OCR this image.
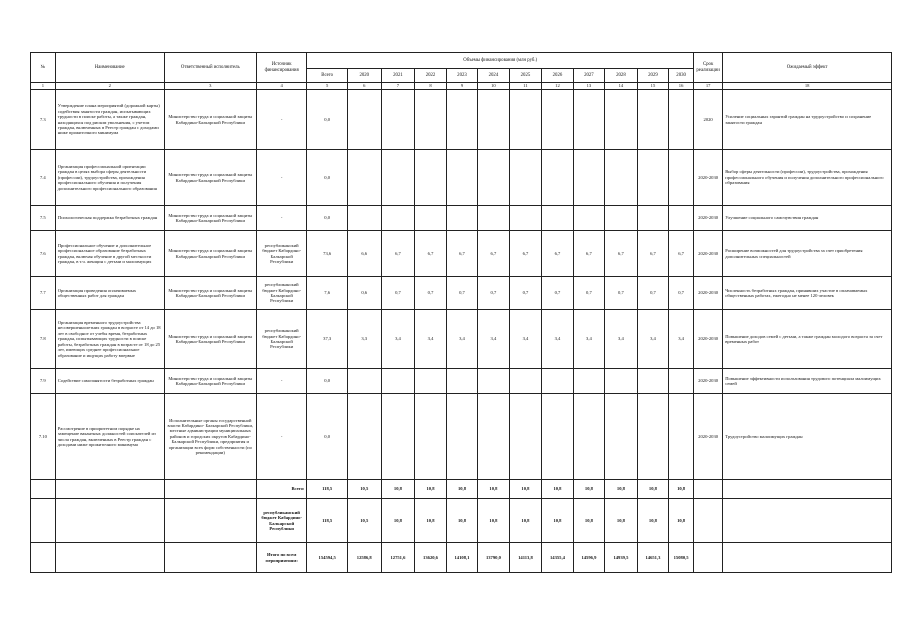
№	Наименование	Ответственный исполнитель	Источник финансирования	Объемы финансирования (млн руб.)												Срок реализации	Ожидаемый эффект
				Всего	2020	2021	2022	2023	2024	2025	2026	2027	2028	2029	2030		
1	2	3	4	5	6	7	8	9	10	11	12	13	14	15	16	17	18
7.3	Утверждение плана мероприятий (дорожной карты) содействия занятости граждан, испытывающих трудности в поиске работы, а также граждан, находящихся под риском увольнения, с учетом граждан, включенных в Реестр граждан с доходами ниже прожиточного минимума	Министерство труда и социальной защиты Кабардино-Балкарской Республики	-	0,0												2020	Усиление социальных гарантий граждан на трудоустройство и сохранение занятости граждан
7.4	Организация профессиональной ориентации граждан в целях выбора сферы деятельности (профессии), трудоустройства, прохождения профессионального обучения и получения дополнительного профессионального образования	Министерство труда и социальной защиты Кабардино-Балкарской Республики	-	0,0												2020-2030	Выбор сферы деятельности (профессии), трудоустройства, прохождения профессионального обучения и получения дополнительного профессионального образования
7.5	Психологическая поддержка безработных граждан	Министерство труда и социальной защиты Кабардино-Балкарской Республики	-	0,0												2020-2030	Улучшение социального самочувствия граждан
7.6	Профессиональное обучение и дополнительное профессиональное образование безработных граждан, включая обучение в другой местности граждан, в т.ч. женщин с детьми и малоимущих	Министерство труда и социальной защиты Кабардино-Балкарской Республики	республиканский бюджет Кабардино-Балкарской Республики	73,6	6,6	6,7	6,7	6,7	6,7	6,7	6,7	6,7	6,7	6,7	6,7	2020-2030	Расширение возможностей для трудоустройства за счет приобретения дополнительных специальностей
7.7	Организация проведения оплачиваемых общественных работ для граждан	Министерство труда и социальной защиты Кабардино-Балкарской Республики	республиканский бюджет Кабардино-Балкарской Республики	7,6	0,6	0,7	0,7	0,7	0,7	0,7	0,7	0,7	0,7	0,7	0,7	2020-2030	Численность безработных граждан, принявших участие в оплачиваемых общественных работах, ежегодно не менее 120 человек
7.8	Организация временного трудоустройства несовершеннолетних граждан в возрасте от 14 до 18 лет в свободное от учебы время, безработных граждан, испытывающих трудности в поиске работы, безработных граждан в возрасте от 18 до 25 лет, имеющих среднее профессиональное образование и ищущих работу впервые	Министерство труда и социальной защиты Кабардино-Балкарской Республики	республиканский бюджет Кабардино-Балкарской Республики	37,3	3,3	3,4	3,4	3,4	3,4	3,4	3,4	3,4	3,4	3,4	3,4	2020-2030	Повышение доходов семей с детьми, а также граждан молодого возраста за счет временных работ
7.9	Содействие самозанятости безработных граждан	Министерство труда и социальной защиты Кабардино-Балкарской Республики	-	0,0												2020-2030	Повышение эффективности использования трудового потенциала малоимущих семей
7.10	Рассмотрение в приоритетном порядке на замещение вакантных должностей соискателей из числа граждан, включенных в Реестр граждан с доходами ниже прожиточного минимума	Исполнительные органы государственной власти Кабардино- Балкарской Республики, местные администрации муниципальных районов и городских округов Кабардино- Балкарской Республики, предприятия и организации всех форм собственности (по рекомендации)	-	0,0												2020-2030	Трудоустройство малоимущих граждан
			Всего:	118,5	10,5	10,8	10,8	10,8	10,8	10,8	10,8	10,8	10,8	10,8	10,8		
			республиканский бюджет Кабардино-Балкарской Республики	118,5	10,5	10,8	10,8	10,8	10,8	10,8	10,8	10,8	10,8	10,8	10,8		
			Итого по всем мероприятиям:	154594,5	12586,8	12751,6	13620,6	14108,1	13790,0	14113,8	14355,4	14596,9	14939,5	14651,3	15080,5		
